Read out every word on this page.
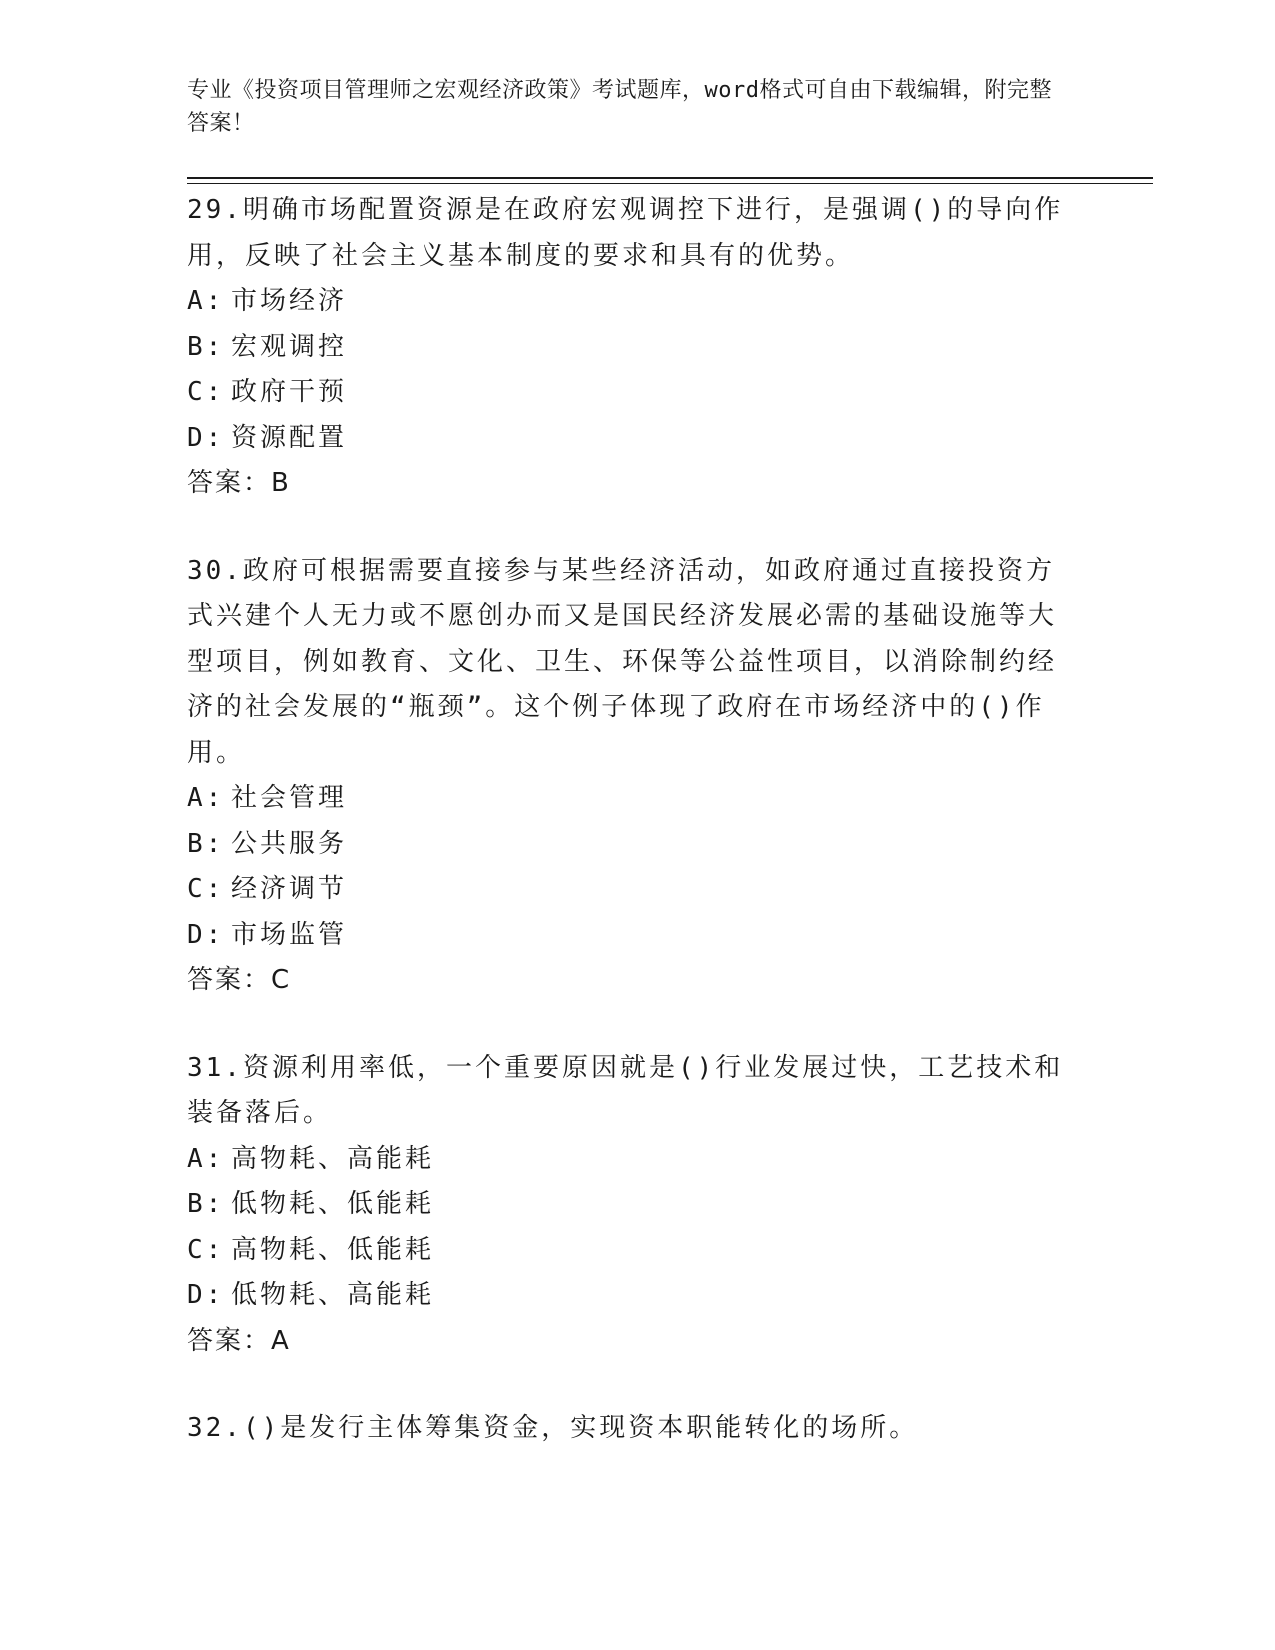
专业《投资项目管理师之宏观经济政策》考试题库，word格式可自由下载编辑，附完整答案！
29.明确市场配置资源是在政府宏观调控下进行，是强调()的导向作用，反映了社会主义基本制度的要求和具有的优势。
A: 市场经济
B: 宏观调控
C: 政府干预
D: 资源配置
答案：B
30.政府可根据需要直接参与某些经济活动，如政府通过直接投资方式兴建个人无力或不愿创办而又是国民经济发展必需的基础设施等大型项目，例如教育、文化、卫生、环保等公益性项目，以消除制约经济的社会发展的“瓶颈”。这个例子体现了政府在市场经济中的()作用。
A: 社会管理
B: 公共服务
C: 经济调节
D: 市场监管
答案：C
31.资源利用率低，一个重要原因就是()行业发展过快，工艺技术和装备落后。
A: 高物耗、高能耗
B: 低物耗、低能耗
C: 高物耗、低能耗
D: 低物耗、高能耗
答案：A
32.()是发行主体筹集资金，实现资本职能转化的场所。
